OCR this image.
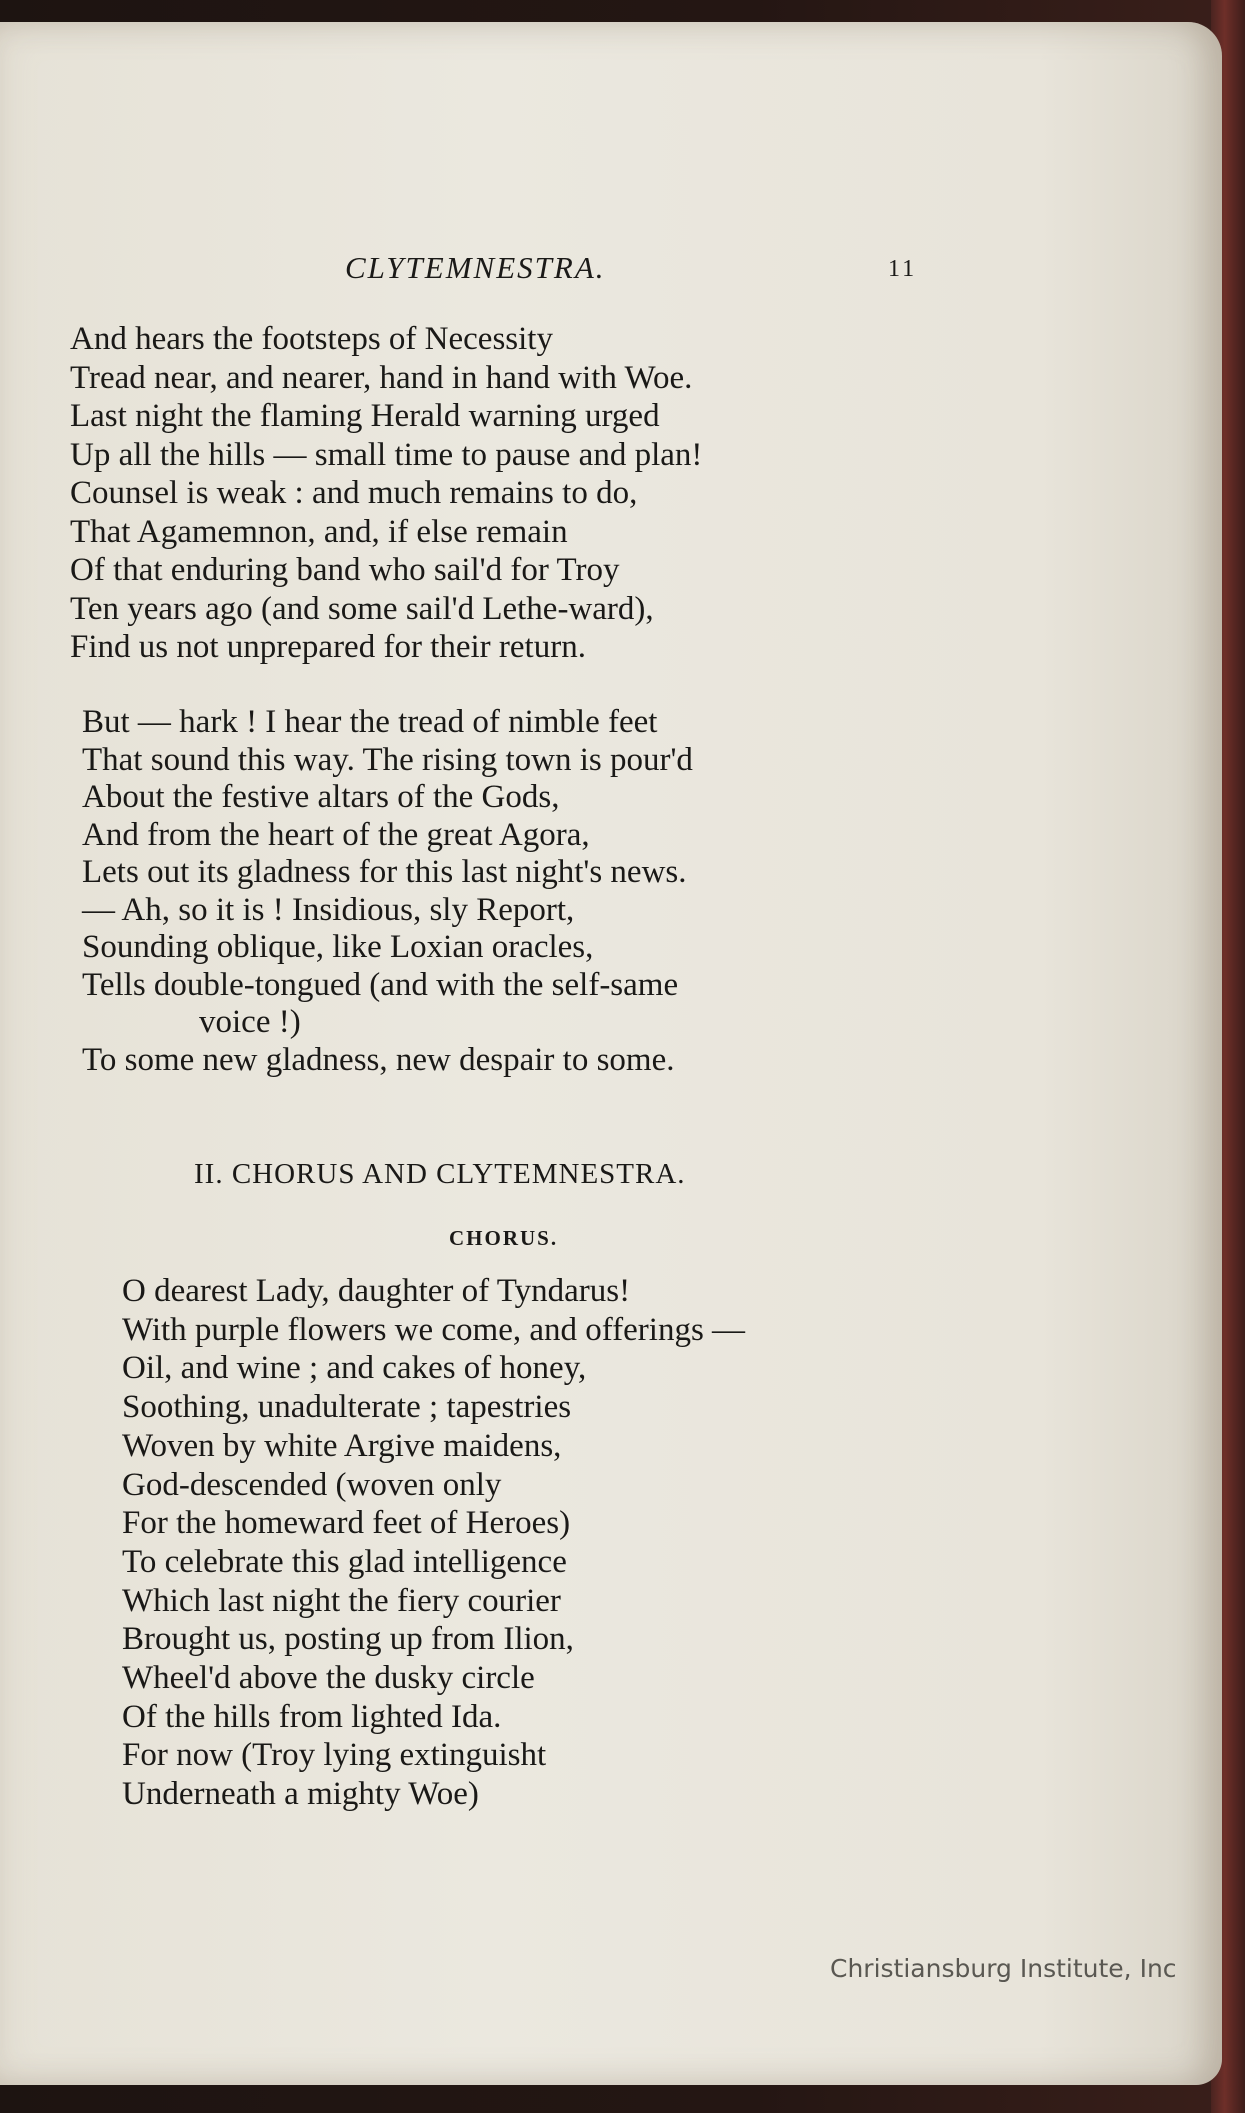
CLYTEMNESTRA.	11
And hears the footsteps of Necessity
Tread near, and nearer, hand in hand with Woe.
Last night the flaming Herald warning urged
Up all the hills — small time to pause and plan!
Counsel is weak : and much remains to do,
That Agamemnon, and, if else remain
Of that enduring band who sail'd for Troy
Ten years ago (and some sail'd Lethe-ward),
Find us not unprepared for their return.
But — hark ! I hear the tread of nimble feet
That sound this way. The rising town is pour'd
About the festive altars of the Gods,
And from the heart of the great Agora,
Lets out its gladness for this last night's news.
— Ah, so it is ! Insidious, sly Report,
Sounding oblique, like Loxian oracles,
Tells double-tongued (and with the self-same
voice !)
To some new gladness, new despair to some.
II. CHORUS AND CLYTEMNESTRA.
CHORUS.
O dearest Lady, daughter of Tyndarus!
With purple flowers we come, and offerings —
Oil, and wine ; and cakes of honey,
Soothing, unadulterate ; tapestries
Woven by white Argive maidens,
God-descended (woven only
For the homeward feet of Heroes)
To celebrate this glad intelligence
Which last night the fiery courier
Brought us, posting up from Ilion,
Wheel'd above the dusky circle
Of the hills from lighted Ida.
For now (Troy lying extinguisht
Underneath a mighty Woe)
Christiansburg Institute, Inc
